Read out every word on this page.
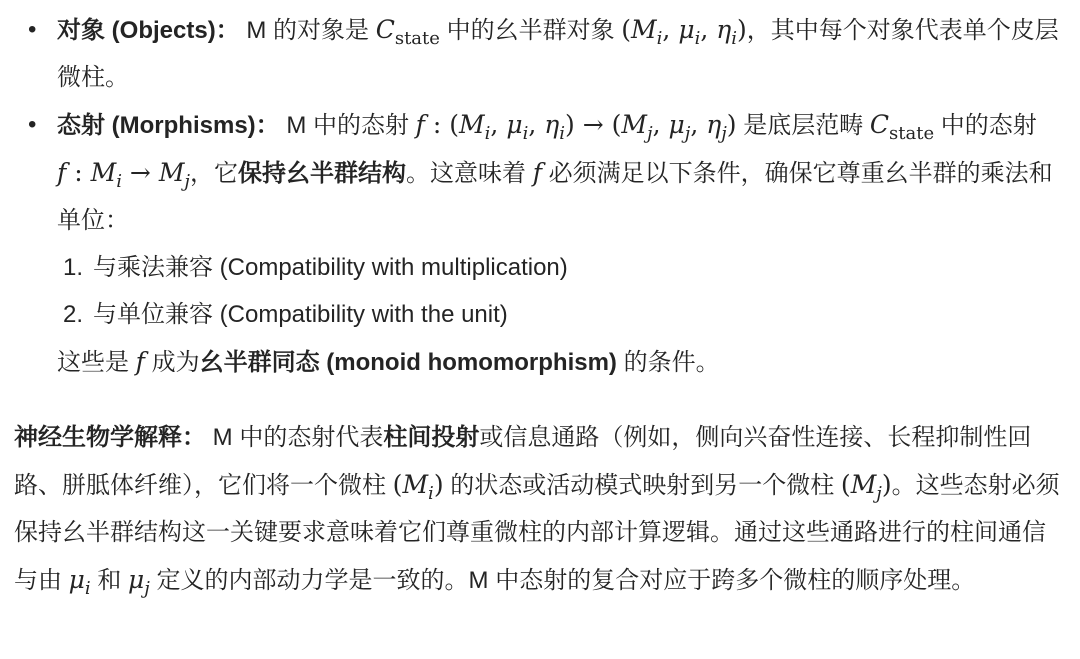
• 对象 (Objects)： M 的对象是 $C_{state}$ 中的幺半群对象 ($M_i$, $\mu_i$, $\eta_i$)，其中每个对象代表单个皮层微柱。
• 态射 (Morphisms)： M 中的态射 f : ($M_i$, $\mu_i$, $\eta_i) \to (M_j$, $\mu_j$, $\eta_j$) 是底层范畴 $C_{state}$ 中的态射 f : $M_i \to M_j$，它保持幺半群结构。这意味着 f 必须满足以下条件，确保它尊重幺半群的乘法和单位：
1. 与乘法兼容 (Compatibility with multiplication)
2. 与单位兼容 (Compatibility with the unit)
这些是 f 成为幺半群同态 (monoid homomorphism) 的条件。

神经生物学解释： M 中的态射代表柱间投射或信息通路（例如，侧向兴奋性连接、长程抑制性回路、胼胝体纤维），它们将一个微柱 $(M_i)$ 的状态或活动模式映射到另一个微柱 $(M_j)$。这些态射必须保持幺半群结构这一关键要求意味着它们尊重微柱的内部计算逻辑。通过这些通路进行的柱间通信与由 $\mu_i$ 和 $\mu_j$ 定义的内部动力学是一致的。M 中态射的复合对应于跨多个微柱的顺序处理。
